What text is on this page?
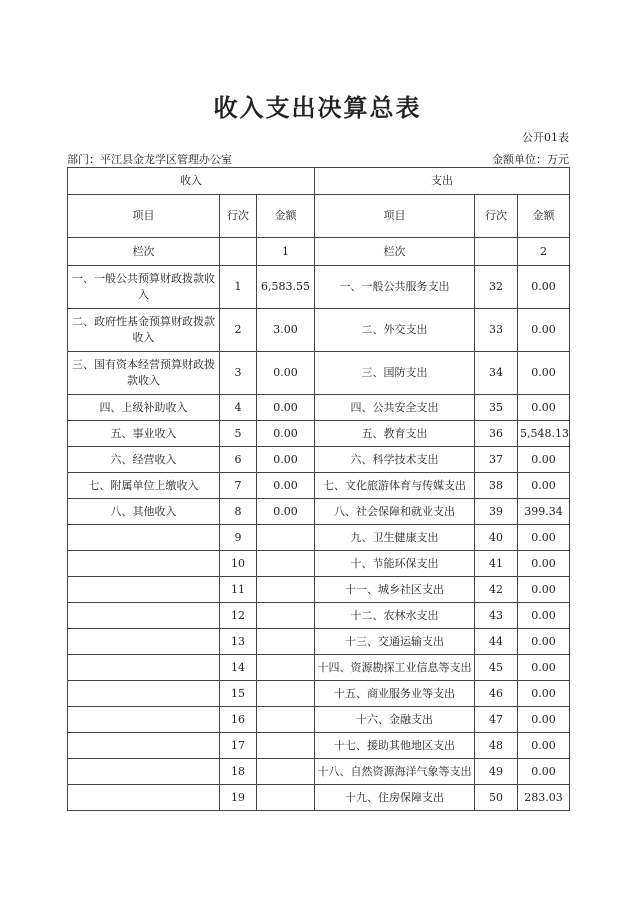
收入支出决算总表
公开01表
部门：平江县金龙学区管理办公室	金额单位：万元
收入			支出		
项目	行次	金额	项目	行次	金额
栏次		1	栏次		2
一、一般公共预算财政拨款收入	1	6,583.55	一、一般公共服务支出	32	0.00
二、政府性基金预算财政拨款收入	2	3.00	二、外交支出	33	0.00
三、国有资本经营预算财政拨款收入	3	0.00	三、国防支出	34	0.00
四、上级补助收入	4	0.00	四、公共安全支出	35	0.00
五、事业收入	5	0.00	五、教育支出	36	5,548.13
六、经营收入	6	0.00	六、科学技术支出	37	0.00
七、附属单位上缴收入	7	0.00	七、文化旅游体育与传媒支出	38	0.00
八、其他收入	8	0.00	八、社会保障和就业支出	39	399.34
	9		九、卫生健康支出	40	0.00
	10		十、节能环保支出	41	0.00
	11		十一、城乡社区支出	42	0.00
	12		十二、农林水支出	43	0.00
	13		十三、交通运输支出	44	0.00
	14		十四、资源勘探工业信息等支出	45	0.00
	15		十五、商业服务业等支出	46	0.00
	16		十六、金融支出	47	0.00
	17		十七、援助其他地区支出	48	0.00
	18		十八、自然资源海洋气象等支出	49	0.00
	19		十九、住房保障支出	50	283.03
